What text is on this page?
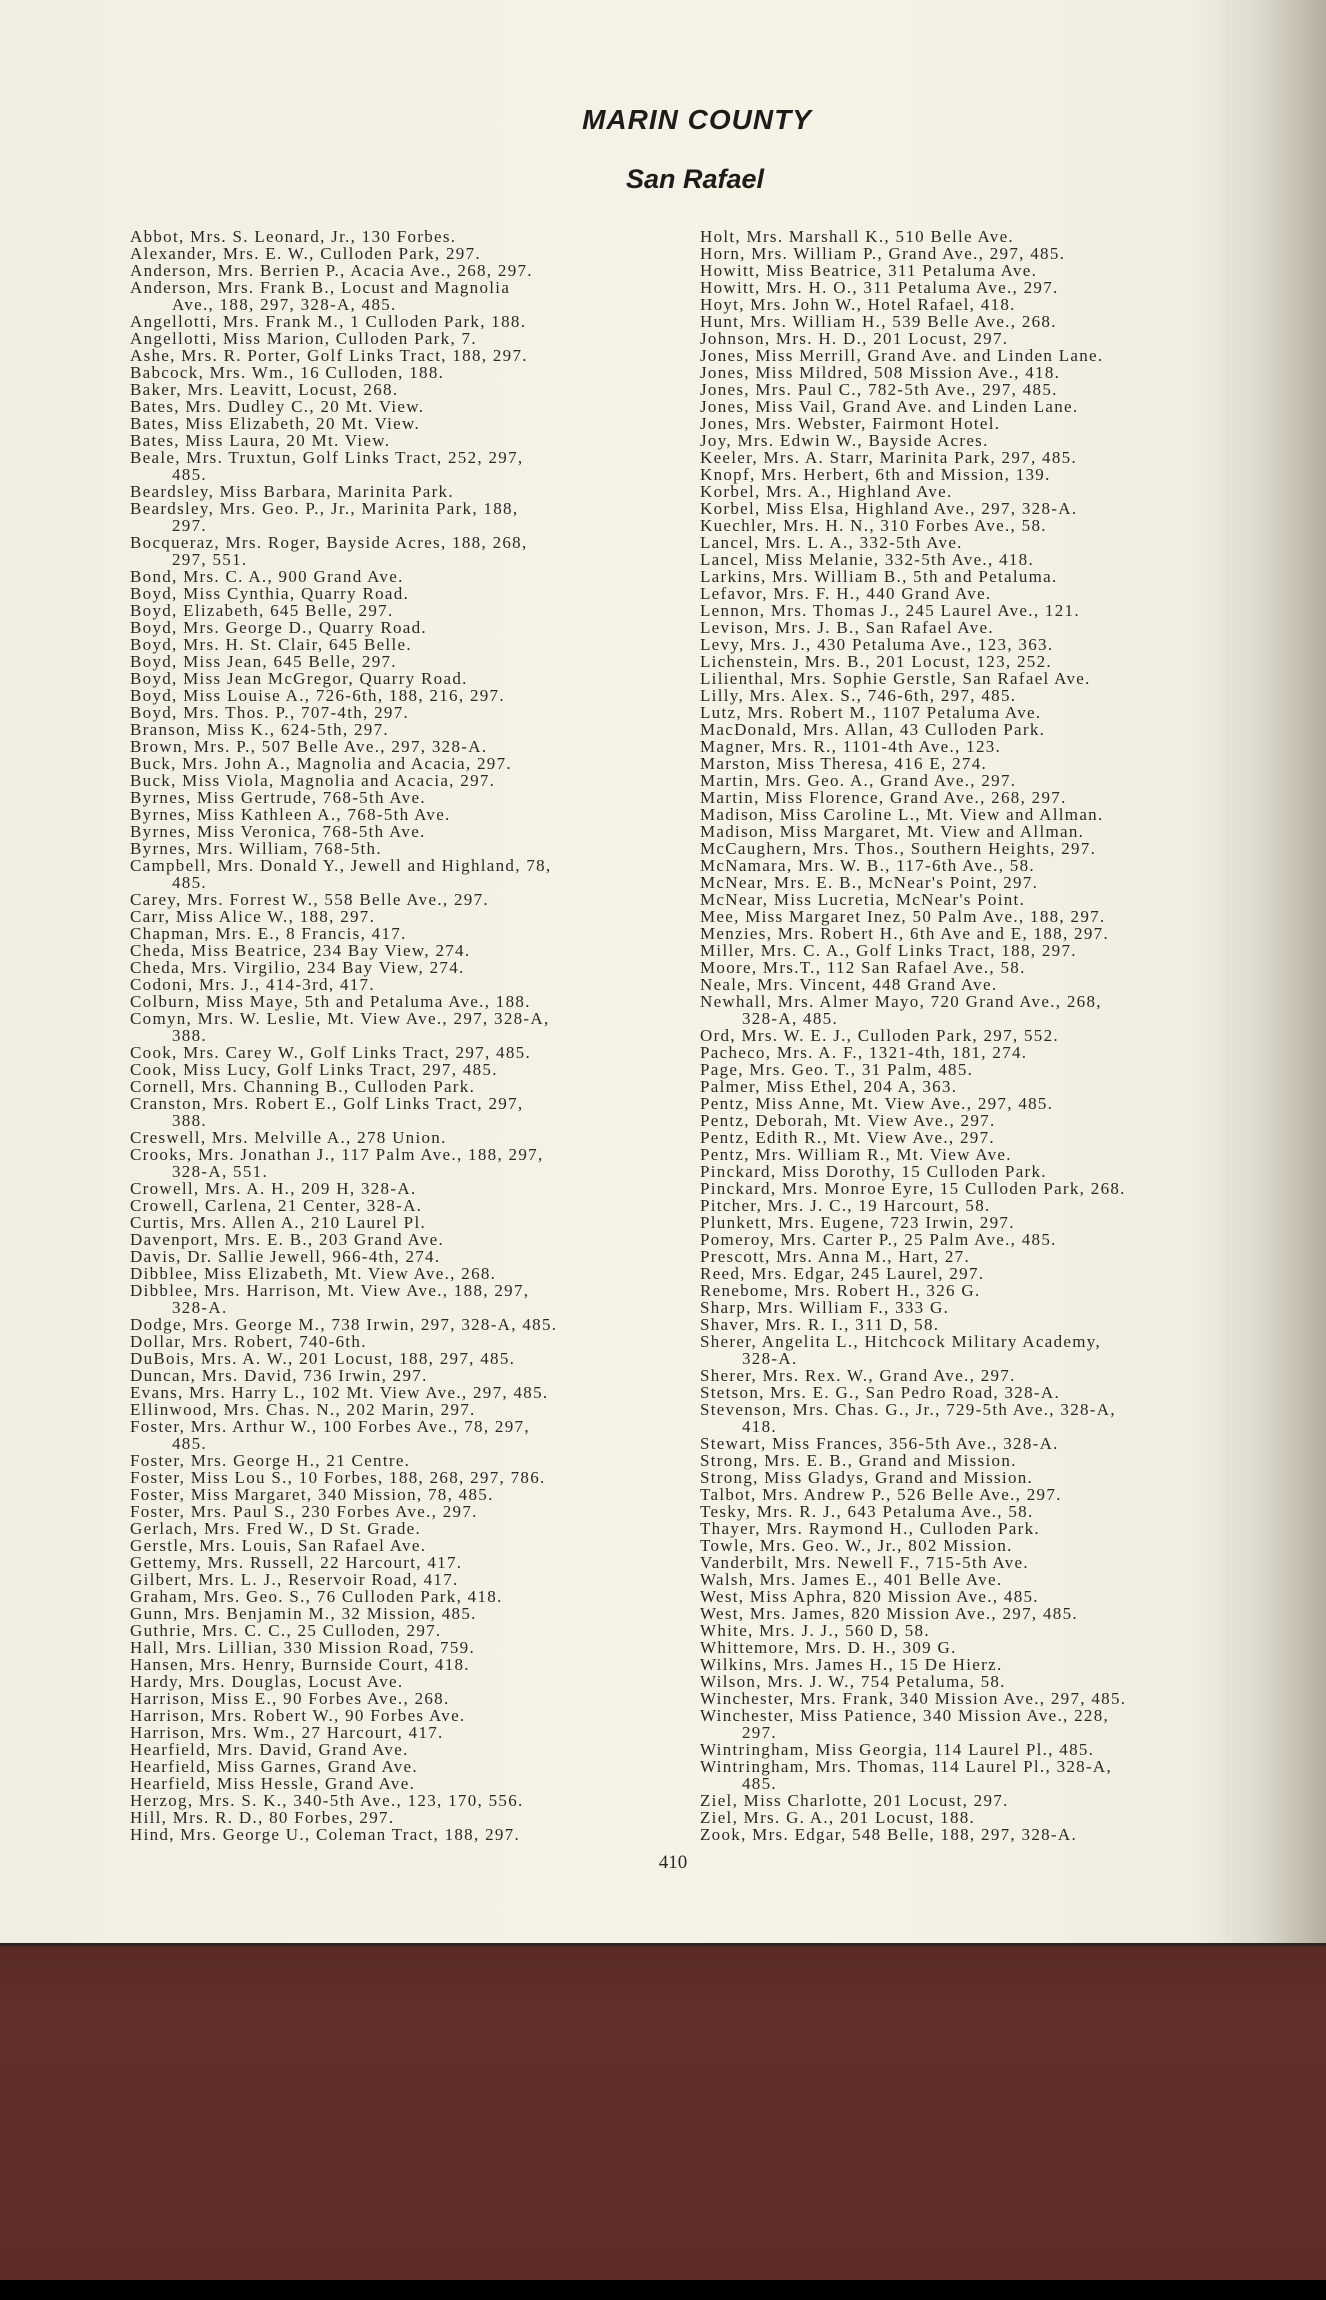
MARIN COUNTY
San Rafael
Abbot, Mrs. S. Leonard, Jr., 130 Forbes.
Alexander, Mrs. E. W., Culloden Park, 297.
Anderson, Mrs. Berrien P., Acacia Ave., 268, 297.
Anderson, Mrs. Frank B., Locust and Magnolia
Ave., 188, 297, 328-A, 485.
Angellotti, Mrs. Frank M., 1 Culloden Park, 188.
Angellotti, Miss Marion, Culloden Park, 7.
Ashe, Mrs. R. Porter, Golf Links Tract, 188, 297.
Babcock, Mrs. Wm., 16 Culloden, 188.
Baker, Mrs. Leavitt, Locust, 268.
Bates, Mrs. Dudley C., 20 Mt. View.
Bates, Miss Elizabeth, 20 Mt. View.
Bates, Miss Laura, 20 Mt. View.
Beale, Mrs. Truxtun, Golf Links Tract, 252, 297,
485.
Beardsley, Miss Barbara, Marinita Park.
Beardsley, Mrs. Geo. P., Jr., Marinita Park, 188,
297.
Bocqueraz, Mrs. Roger, Bayside Acres, 188, 268,
297, 551.
Bond, Mrs. C. A., 900 Grand Ave.
Boyd, Miss Cynthia, Quarry Road.
Boyd, Elizabeth, 645 Belle, 297.
Boyd, Mrs. George D., Quarry Road.
Boyd, Mrs. H. St. Clair, 645 Belle.
Boyd, Miss Jean, 645 Belle, 297.
Boyd, Miss Jean McGregor, Quarry Road.
Boyd, Miss Louise A., 726-6th, 188, 216, 297.
Boyd, Mrs. Thos. P., 707-4th, 297.
Branson, Miss K., 624-5th, 297.
Brown, Mrs. P., 507 Belle Ave., 297, 328-A.
Buck, Mrs. John A., Magnolia and Acacia, 297.
Buck, Miss Viola, Magnolia and Acacia, 297.
Byrnes, Miss Gertrude, 768-5th Ave.
Byrnes, Miss Kathleen A., 768-5th Ave.
Byrnes, Miss Veronica, 768-5th Ave.
Byrnes, Mrs. William, 768-5th.
Campbell, Mrs. Donald Y., Jewell and Highland, 78,
485.
Carey, Mrs. Forrest W., 558 Belle Ave., 297.
Carr, Miss Alice W., 188, 297.
Chapman, Mrs. E., 8 Francis, 417.
Cheda, Miss Beatrice, 234 Bay View, 274.
Cheda, Mrs. Virgilio, 234 Bay View, 274.
Codoni, Mrs. J., 414-3rd, 417.
Colburn, Miss Maye, 5th and Petaluma Ave., 188.
Comyn, Mrs. W. Leslie, Mt. View Ave., 297, 328-A,
388.
Cook, Mrs. Carey W., Golf Links Tract, 297, 485.
Cook, Miss Lucy, Golf Links Tract, 297, 485.
Cornell, Mrs. Channing B., Culloden Park.
Cranston, Mrs. Robert E., Golf Links Tract, 297,
388.
Creswell, Mrs. Melville A., 278 Union.
Crooks, Mrs. Jonathan J., 117 Palm Ave., 188, 297,
328-A, 551.
Crowell, Mrs. A. H., 209 H, 328-A.
Crowell, Carlena, 21 Center, 328-A.
Curtis, Mrs. Allen A., 210 Laurel Pl.
Davenport, Mrs. E. B., 203 Grand Ave.
Davis, Dr. Sallie Jewell, 966-4th, 274.
Dibblee, Miss Elizabeth, Mt. View Ave., 268.
Dibblee, Mrs. Harrison, Mt. View Ave., 188, 297,
328-A.
Dodge, Mrs. George M., 738 Irwin, 297, 328-A, 485.
Dollar, Mrs. Robert, 740-6th.
DuBois, Mrs. A. W., 201 Locust, 188, 297, 485.
Duncan, Mrs. David, 736 Irwin, 297.
Evans, Mrs. Harry L., 102 Mt. View Ave., 297, 485.
Ellinwood, Mrs. Chas. N., 202 Marin, 297.
Foster, Mrs. Arthur W., 100 Forbes Ave., 78, 297,
485.
Foster, Mrs. George H., 21 Centre.
Foster, Miss Lou S., 10 Forbes, 188, 268, 297, 786.
Foster, Miss Margaret, 340 Mission, 78, 485.
Foster, Mrs. Paul S., 230 Forbes Ave., 297.
Gerlach, Mrs. Fred W., D St. Grade.
Gerstle, Mrs. Louis, San Rafael Ave.
Gettemy, Mrs. Russell, 22 Harcourt, 417.
Gilbert, Mrs. L. J., Reservoir Road, 417.
Graham, Mrs. Geo. S., 76 Culloden Park, 418.
Gunn, Mrs. Benjamin M., 32 Mission, 485.
Guthrie, Mrs. C. C., 25 Culloden, 297.
Hall, Mrs. Lillian, 330 Mission Road, 759.
Hansen, Mrs. Henry, Burnside Court, 418.
Hardy, Mrs. Douglas, Locust Ave.
Harrison, Miss E., 90 Forbes Ave., 268.
Harrison, Mrs. Robert W., 90 Forbes Ave.
Harrison, Mrs. Wm., 27 Harcourt, 417.
Hearfield, Mrs. David, Grand Ave.
Hearfield, Miss Garnes, Grand Ave.
Hearfield, Miss Hessle, Grand Ave.
Herzog, Mrs. S. K., 340-5th Ave., 123, 170, 556.
Hill, Mrs. R. D., 80 Forbes, 297.
Hind, Mrs. George U., Coleman Tract, 188, 297.
Holt, Mrs. Marshall K., 510 Belle Ave.
Horn, Mrs. William P., Grand Ave., 297, 485.
Howitt, Miss Beatrice, 311 Petaluma Ave.
Howitt, Mrs. H. O., 311 Petaluma Ave., 297.
Hoyt, Mrs. John W., Hotel Rafael, 418.
Hunt, Mrs. William H., 539 Belle Ave., 268.
Johnson, Mrs. H. D., 201 Locust, 297.
Jones, Miss Merrill, Grand Ave. and Linden Lane.
Jones, Miss Mildred, 508 Mission Ave., 418.
Jones, Mrs. Paul C., 782-5th Ave., 297, 485.
Jones, Miss Vail, Grand Ave. and Linden Lane.
Jones, Mrs. Webster, Fairmont Hotel.
Joy, Mrs. Edwin W., Bayside Acres.
Keeler, Mrs. A. Starr, Marinita Park, 297, 485.
Knopf, Mrs. Herbert, 6th and Mission, 139.
Korbel, Mrs. A., Highland Ave.
Korbel, Miss Elsa, Highland Ave., 297, 328-A.
Kuechler, Mrs. H. N., 310 Forbes Ave., 58.
Lancel, Mrs. L. A., 332-5th Ave.
Lancel, Miss Melanie, 332-5th Ave., 418.
Larkins, Mrs. William B., 5th and Petaluma.
Lefavor, Mrs. F. H., 440 Grand Ave.
Lennon, Mrs. Thomas J., 245 Laurel Ave., 121.
Levison, Mrs. J. B., San Rafael Ave.
Levy, Mrs. J., 430 Petaluma Ave., 123, 363.
Lichenstein, Mrs. B., 201 Locust, 123, 252.
Lilienthal, Mrs. Sophie Gerstle, San Rafael Ave.
Lilly, Mrs. Alex. S., 746-6th, 297, 485.
Lutz, Mrs. Robert M., 1107 Petaluma Ave.
MacDonald, Mrs. Allan, 43 Culloden Park.
Magner, Mrs. R., 1101-4th Ave., 123.
Marston, Miss Theresa, 416 E, 274.
Martin, Mrs. Geo. A., Grand Ave., 297.
Martin, Miss Florence, Grand Ave., 268, 297.
Madison, Miss Caroline L., Mt. View and Allman.
Madison, Miss Margaret, Mt. View and Allman.
McCaughern, Mrs. Thos., Southern Heights, 297.
McNamara, Mrs. W. B., 117-6th Ave., 58.
McNear, Mrs. E. B., McNear's Point, 297.
McNear, Miss Lucretia, McNear's Point.
Mee, Miss Margaret Inez, 50 Palm Ave., 188, 297.
Menzies, Mrs. Robert H., 6th Ave and E, 188, 297.
Miller, Mrs. C. A., Golf Links Tract, 188, 297.
Moore, Mrs.T., 112 San Rafael Ave., 58.
Neale, Mrs. Vincent, 448 Grand Ave.
Newhall, Mrs. Almer Mayo, 720 Grand Ave., 268,
328-A, 485.
Ord, Mrs. W. E. J., Culloden Park, 297, 552.
Pacheco, Mrs. A. F., 1321-4th, 181, 274.
Page, Mrs. Geo. T., 31 Palm, 485.
Palmer, Miss Ethel, 204 A, 363.
Pentz, Miss Anne, Mt. View Ave., 297, 485.
Pentz, Deborah, Mt. View Ave., 297.
Pentz, Edith R., Mt. View Ave., 297.
Pentz, Mrs. William R., Mt. View Ave.
Pinckard, Miss Dorothy, 15 Culloden Park.
Pinckard, Mrs. Monroe Eyre, 15 Culloden Park, 268.
Pitcher, Mrs. J. C., 19 Harcourt, 58.
Plunkett, Mrs. Eugene, 723 Irwin, 297.
Pomeroy, Mrs. Carter P., 25 Palm Ave., 485.
Prescott, Mrs. Anna M., Hart, 27.
Reed, Mrs. Edgar, 245 Laurel, 297.
Renebome, Mrs. Robert H., 326 G.
Sharp, Mrs. William F., 333 G.
Shaver, Mrs. R. I., 311 D, 58.
Sherer, Angelita L., Hitchcock Military Academy,
328-A.
Sherer, Mrs. Rex. W., Grand Ave., 297.
Stetson, Mrs. E. G., San Pedro Road, 328-A.
Stevenson, Mrs. Chas. G., Jr., 729-5th Ave., 328-A,
418.
Stewart, Miss Frances, 356-5th Ave., 328-A.
Strong, Mrs. E. B., Grand and Mission.
Strong, Miss Gladys, Grand and Mission.
Talbot, Mrs. Andrew P., 526 Belle Ave., 297.
Tesky, Mrs. R. J., 643 Petaluma Ave., 58.
Thayer, Mrs. Raymond H., Culloden Park.
Towle, Mrs. Geo. W., Jr., 802 Mission.
Vanderbilt, Mrs. Newell F., 715-5th Ave.
Walsh, Mrs. James E., 401 Belle Ave.
West, Miss Aphra, 820 Mission Ave., 485.
West, Mrs. James, 820 Mission Ave., 297, 485.
White, Mrs. J. J., 560 D, 58.
Whittemore, Mrs. D. H., 309 G.
Wilkins, Mrs. James H., 15 De Hierz.
Wilson, Mrs. J. W., 754 Petaluma, 58.
Winchester, Mrs. Frank, 340 Mission Ave., 297, 485.
Winchester, Miss Patience, 340 Mission Ave., 228,
297.
Wintringham, Miss Georgia, 114 Laurel Pl., 485.
Wintringham, Mrs. Thomas, 114 Laurel Pl., 328-A,
485.
Ziel, Miss Charlotte, 201 Locust, 297.
Ziel, Mrs. G. A., 201 Locust, 188.
Zook, Mrs. Edgar, 548 Belle, 188, 297, 328-A.
410
